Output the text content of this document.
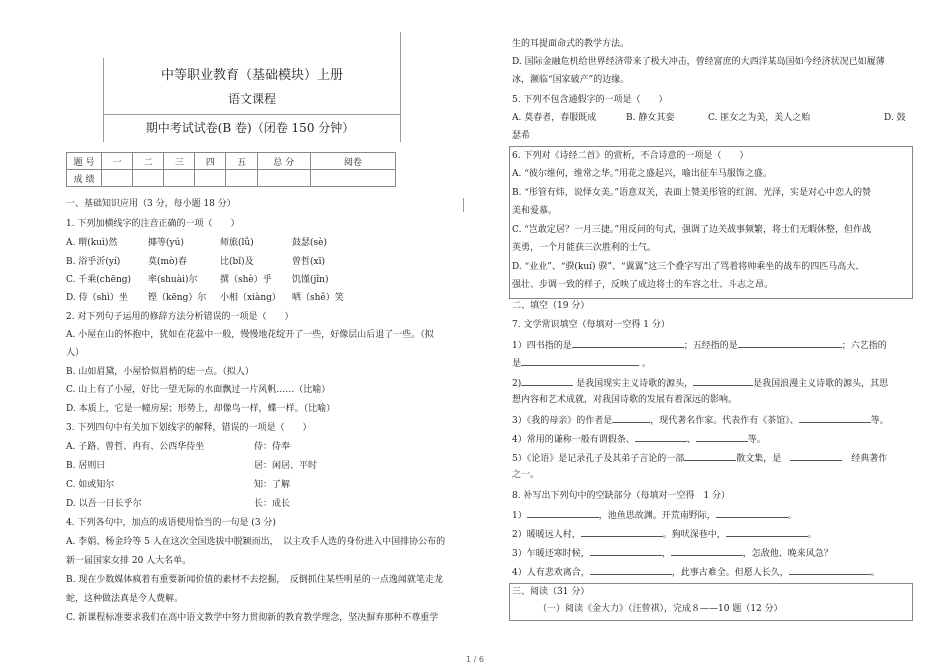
中等职业教育（基础模块）上册
语文课程
期中考试试卷(B 卷)（闭卷 150 分钟）
题 号	一	二	三	四	五	总 分	阅卷
成 绩							
一、基础知识应用（3 分，每小题 18 分）
1. 下列加横线字的注音正确的一项（　　）
A. 喟(kuì)然	揶等(yú)	师旅(lǚ)	鼓瑟(sè)
B. 浴乎沂(yí)	莫(mò)春	比(bǐ)及	曾哲(xī)
C. 千乘(chēng) 率(shuài)尔	撰（shè）乎 饥馑(jǐn)
D. 侍（shì）坐 铿（kēng）尔 小相（xiàng） 哂（shě）笑
2. 对下列句子运用的修辞方法分析错误的一项是（　　）
A. 小屋在山的怀抱中，犹如在花蕊中一般，慢慢地花绽开了一些，好像层山后退了一些。（拟
人）
B. 山如眉黛，小屋恰似眉梢的痣一点。（拟人）
C. 山上有了小屋，好比一望无际的水面飘过一片风帆……（比喻）
D. 本质上，它是一幢房屋；形势上，却像鸟一样，蝶一样。（比喻）
3. 下列四句中有关加下划线字的解释，错误的一项是（　　）
A. 子路、曾哲、冉有、公西华侍坐	侍：侍奉
B. 居则曰	居：闲居、平时
C. 如或知尔	知：了解
D. 以吾一日长乎尔	长：成长
4. 下列各句中，加点的成语使用恰当的一句是 (3 分)
A. 李娟、杨金玲等 5 人在这次全国选拔中脱颖而出，　以主攻手人选的身份进入中国排协公布的
新一届国家女排 20 人大名单。
B. 现在少数媒体疯着有重要新闻价值的素材不去挖掘，　反倒抓住某些明星的一点逸闻就笔走龙
蛇，这种做法真是令人费解。
C. 新课程标准要求我们在高中语文教学中努力贯彻新的教育教学理念，坚决摒弃那种不尊重学
生的耳提面命式的教学方法。
D. 国际金融危机给世界经济带来了极大冲击，曾经富庶的大西洋某岛国如今经济状况已如履薄
冰，濒临“国家破产”的边缘。
5. 下列不包含通假字的一项是（　　）
A. 莫春者，春服既成	B. 静女其娈	C. 匪女之为美，美人之贻	D. 鼓
瑟希
6. 下列对《诗经二首》的赏析，不合诗意的一项是（　　）
A. “彼尔维何，维常之华。”用花之盛起兴，喻出征车马服饰之盛。
B. “彤管有炜，说怿女美。”语意双关，表面上赞美彤管的红润、光泽，实是对心中恋人的赞
美和爱慕。
C. “岂敢定居？一月三捷。”用反问的句式，强调了边关战事频繁，将士们无暇休整，但作战
英勇，一个月能获三次胜利的士气。
D. “业业”、“骙(kuí) 骙”、“翼翼”这三个叠字写出了骂着将帅乘坐的战车的四匹马高大、
强壮、步调一致的样子，反映了成边将士的车容之壮、斗志之昂。
二、填空（19 分）
7. 文学常识填空（每填对一空得 1 分）
1）四书指的是	；五经指的是	；六艺指的
是	。
2)	是我国现实主义诗歌的源头，	是我国浪漫主义诗歌的源头，其思
想内容和艺术成就，对我国诗歌的发展有着深远的影响。
3）《我的母亲》的作者是	，现代著名作家。代表作有《茶馆》、	等。
4）常用的谦称一般有谓假条、	、	等。
5）《论语》是记录孔子及其弟子言论的一部	散文集，是　　	经典著作
之一。
8. 补写出下列句中的空缺部分（每填对一空得　1 分）
1）	，池鱼思故渊。开荒南野际，	。
2）暖暖远人村，	。狗吠深巷中，	。
3）乍暖还寒时候，	，	，怎敌他、晚来风急？
4）人有悲欢离合，	，此事古难全。但愿人长久，	。
三、阅读（31 分）
（一）阅读《金大力》（汪曾祺），完成８——10 题（12 分）
1 / 6
